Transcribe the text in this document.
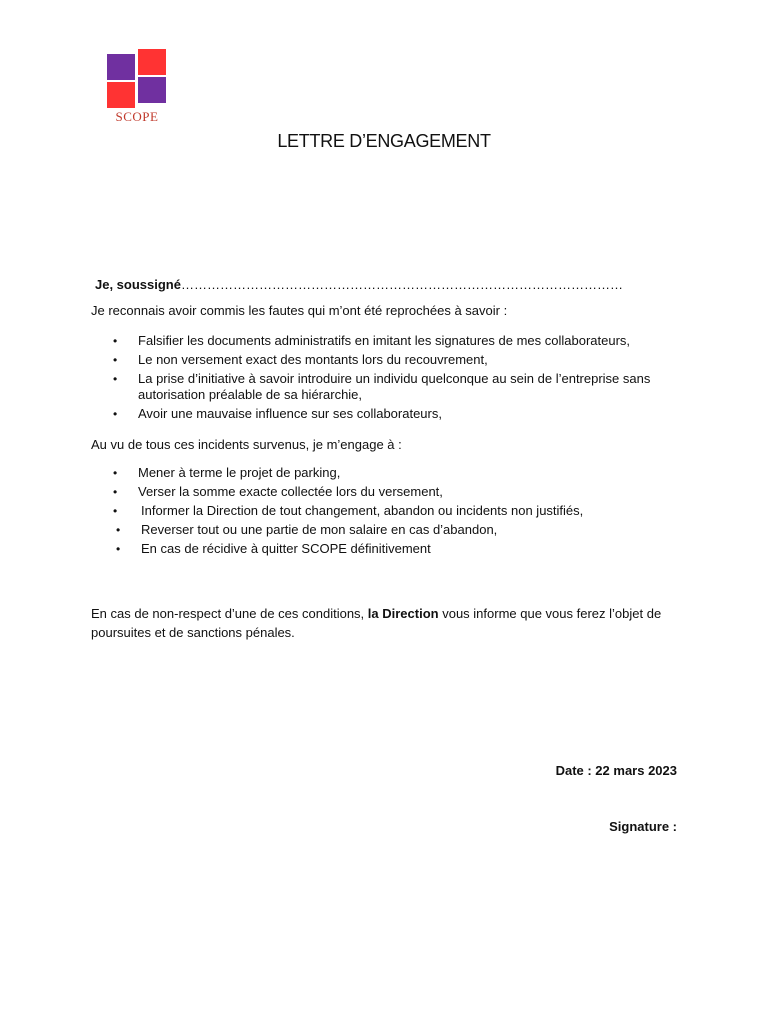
SCOPE
LETTRE D’ENGAGEMENT
Je, soussigné…………………………………………………………………………………………
Je reconnais avoir commis les fautes qui m’ont été reprochées à savoir :
• Falsifier les documents administratifs en imitant les signatures de mes collaborateurs,
• Le non versement exact des montants lors du recouvrement,
• La prise d’initiative à savoir introduire un individu quelconque au sein de l’entreprise sans autorisation préalable de sa hiérarchie,
• Avoir une mauvaise influence sur ses collaborateurs,
Au vu de tous ces incidents survenus, je m’engage à :
• Mener à terme le projet de parking,
• Verser la somme exacte collectée lors du versement,
• Informer la Direction de tout changement, abandon ou incidents non justifiés,
• Reverser tout ou une partie de mon salaire en cas d’abandon,
• En cas de récidive à quitter SCOPE définitivement
En cas de non-respect d’une de ces conditions, la Direction vous informe que vous ferez l’objet de
poursuites et de sanctions pénales.
Date : 22 mars 2023
Signature :
